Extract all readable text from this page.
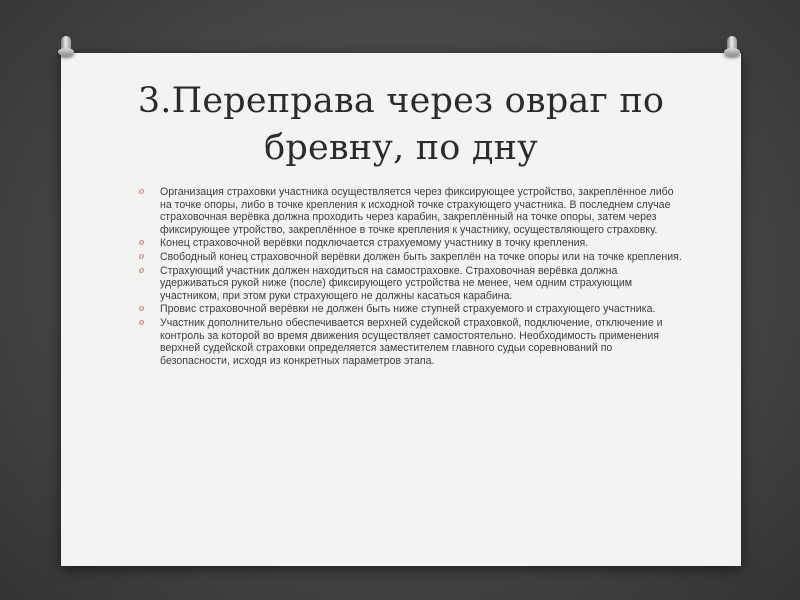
3.Переправа через овраг по бревну, по дну
o Организация страховки участника осуществляется через фиксирующее устройство, закреплённое либо на точке опоры, либо в точке крепления к исходной точке страхующего участника. В последнем случае страховочная верёвка должна проходить через карабин, закреплённый на точке опоры, затем через фиксирующее утройство, закреплённое в точке крепления к участнику, осуществляющего страховку.
o Конец страховочной верёвки подключается страхуемому участнику в точку крепления.
o Свободный конец страховочной верёвки должен быть закреплён на точке опоры или на точке крепления.
o Страхующий участник должен находиться на самостраховке. Страховочная верёвка должна удерживаться рукой ниже (после) фиксирующего устройства не менее, чем одним страхующим участником, при этом руки страхующего не должны касаться карабина.
o Провис страховочной верёвки не должен быть ниже ступней страхуемого и страхующего участника.
o Участник дополнительно обеспечивается верхней судейской страховкой, подключение, отключение и контроль за которой во время движения осуществляет самостоятельно. Необходимость применения верхней судейской страховки определяется заместителем главного судьи соревнований по безопасности, исходя из конкретных параметров этапа.
